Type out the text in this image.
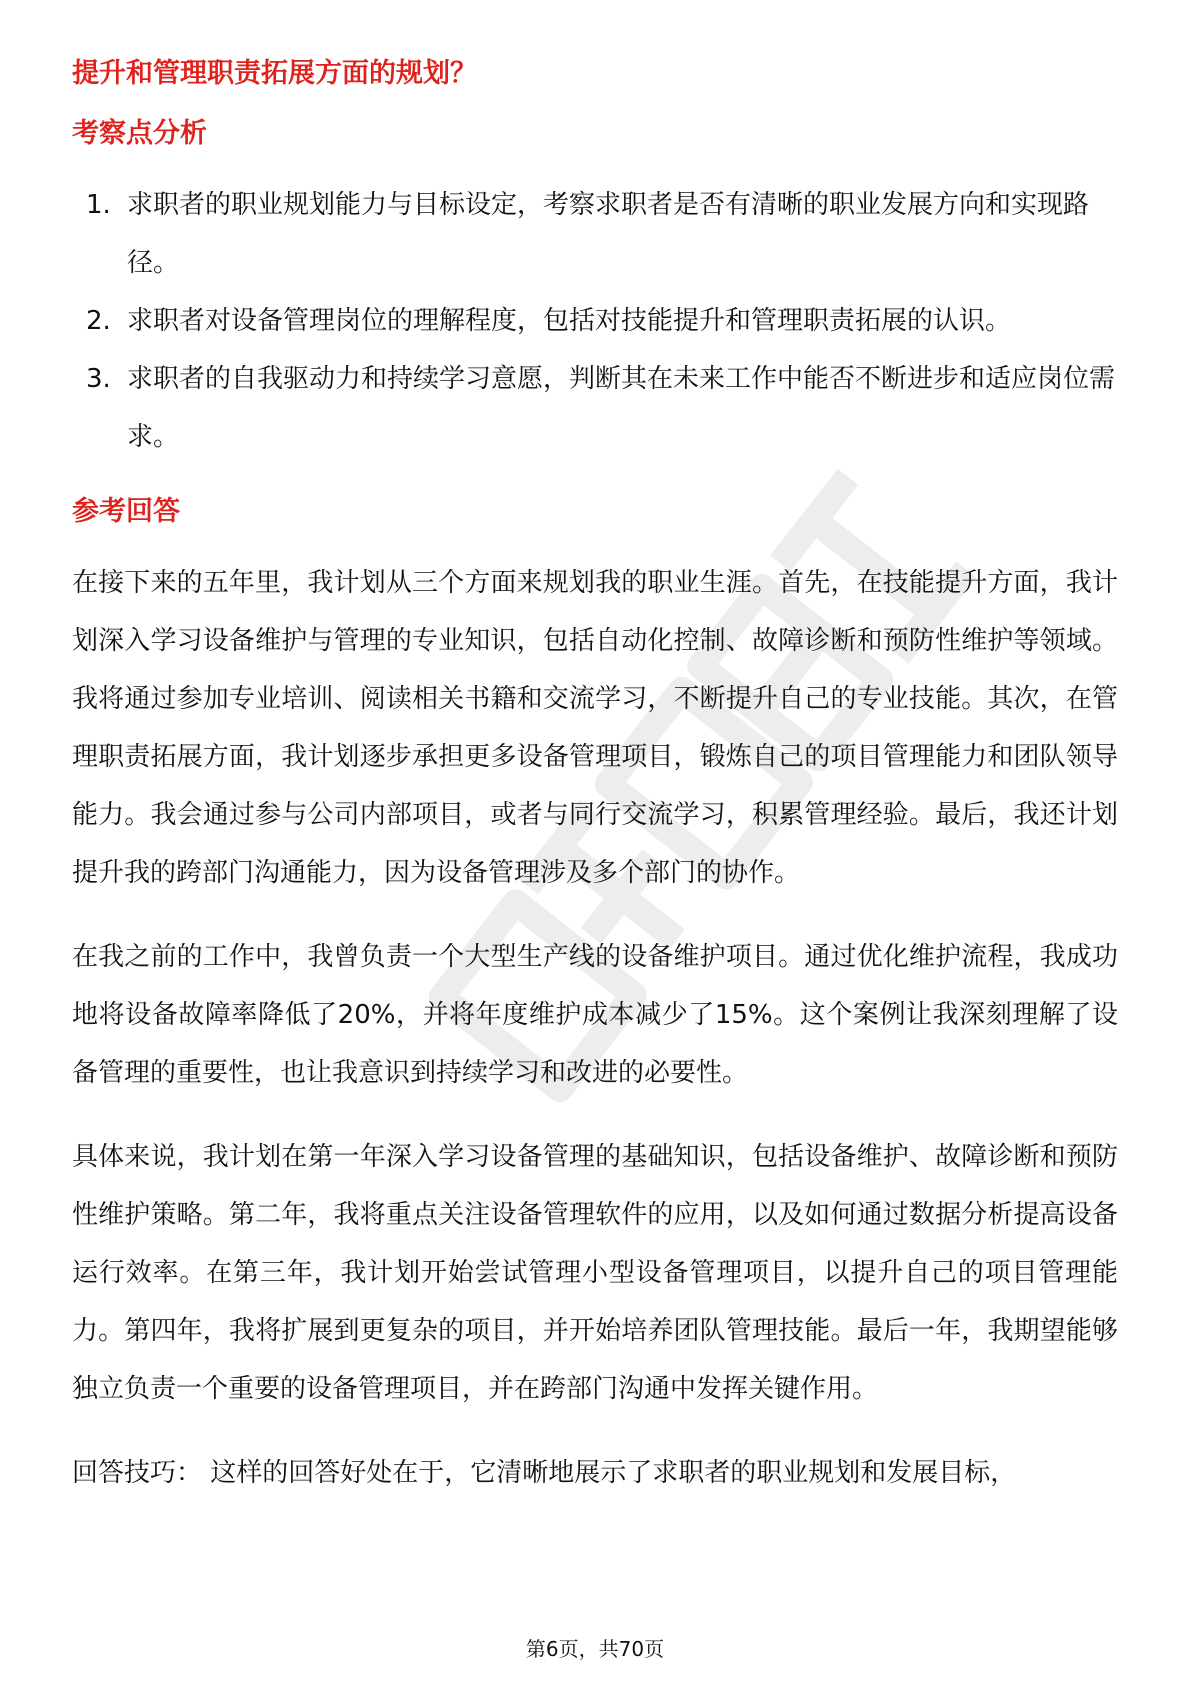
提升和管理职责拓展方面的规划？
考察点分析
1. 求职者的职业规划能力与目标设定，考察求职者是否有清晰的职业发展方向和实现路径。
2. 求职者对设备管理岗位的理解程度，包括对技能提升和管理职责拓展的认识。
3. 求职者的自我驱动力和持续学习意愿，判断其在未来工作中能否不断进步和适应岗位需求。
参考回答

在接下来的五年里，我计划从三个方面来规划我的职业生涯。首先，在技能提升方面，我计划深入学习设备维护与管理的专业知识，包括自动化控制、故障诊断和预防性维护等领域。我将通过参加专业培训、阅读相关书籍和交流学习，不断提升自己的专业技能。其次，在管理职责拓展方面，我计划逐步承担更多设备管理项目，锻炼自己的项目管理能力和团队领导能力。我会通过参与公司内部项目，或者与同行交流学习，积累管理经验。最后，我还计划提升我的跨部门沟通能力，因为设备管理涉及多个部门的协作。

在我之前的工作中，我曾负责一个大型生产线的设备维护项目。通过优化维护流程，我成功地将设备故障率降低了20%，并将年度维护成本减少了15%。这个案例让我深刻理解了设备管理的重要性，也让我意识到持续学习和改进的必要性。

具体来说，我计划在第一年深入学习设备管理的基础知识，包括设备维护、故障诊断和预防性维护策略。第二年，我将重点关注设备管理软件的应用，以及如何通过数据分析提高设备运行效率。在第三年，我计划开始尝试管理小型设备管理项目，以提升自己的项目管理能力。第四年，我将扩展到更复杂的项目，并开始培养团队管理技能。最后一年，我期望能够独立负责一个重要的设备管理项目，并在跨部门沟通中发挥关键作用。

回答技巧： 这样的回答好处在于，它清晰地展示了求职者的职业规划和发展目标，

第6页，共70页
